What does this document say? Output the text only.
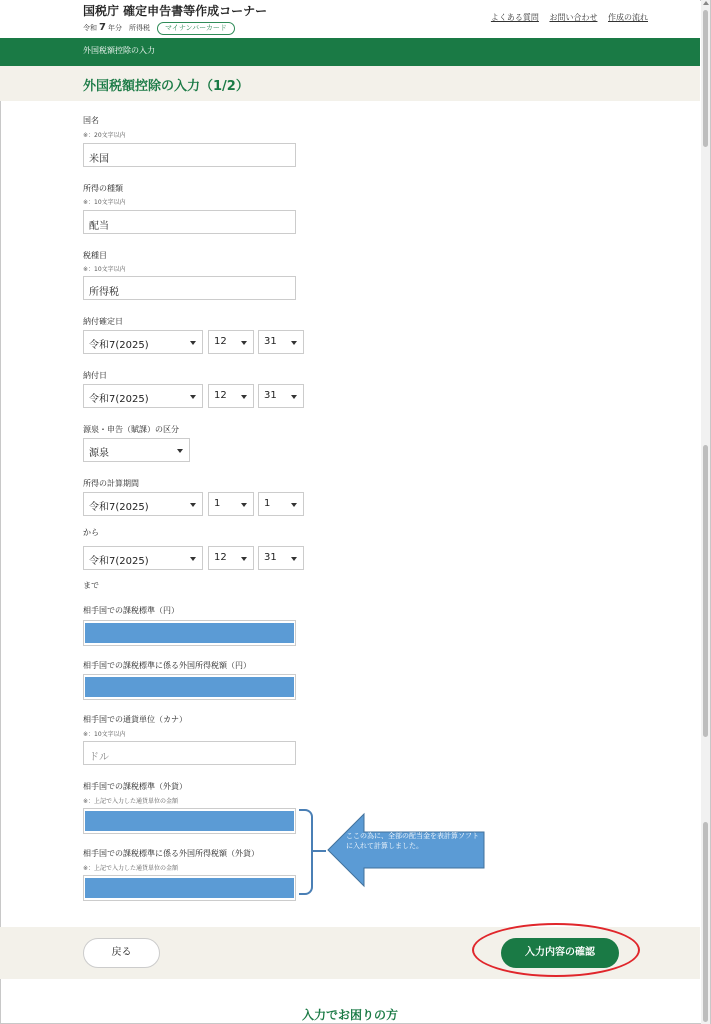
国税庁 確定申告書等作成コーナー
令和 7 年分　 所得税	マイナンバーカード
よくある質問 お問い合わせ 作成の流れ
外国税額控除の入力
外国税額控除の入力（1/2）
国名
※：20文字以内
米国
所得の種類
※：10文字以内
配当
税種目
※：10文字以内
所得税
納付確定日
令和7(2025)	12	31
納付日
令和7(2025)	12	31
源泉・申告（賦課）の区分
源泉
所得の計算期間
令和7(2025)	1	1
から
令和7(2025)	12	31
まで
相手国での課税標準（円）
相手国での課税標準に係る外国所得税額（円）
相手国での通貨単位（カナ）
※：10文字以内
ドル
相手国での課税標準（外貨）
※：上記で入力した通貨単位の金額
相手国での課税標準に係る外国所得税額（外貨）
※：上記で入力した通貨単位の金額
ここの為に、全部の配当金を表計算ソフトに入れて計算しました。
戻る	入力内容の確認
入力でお困りの方
